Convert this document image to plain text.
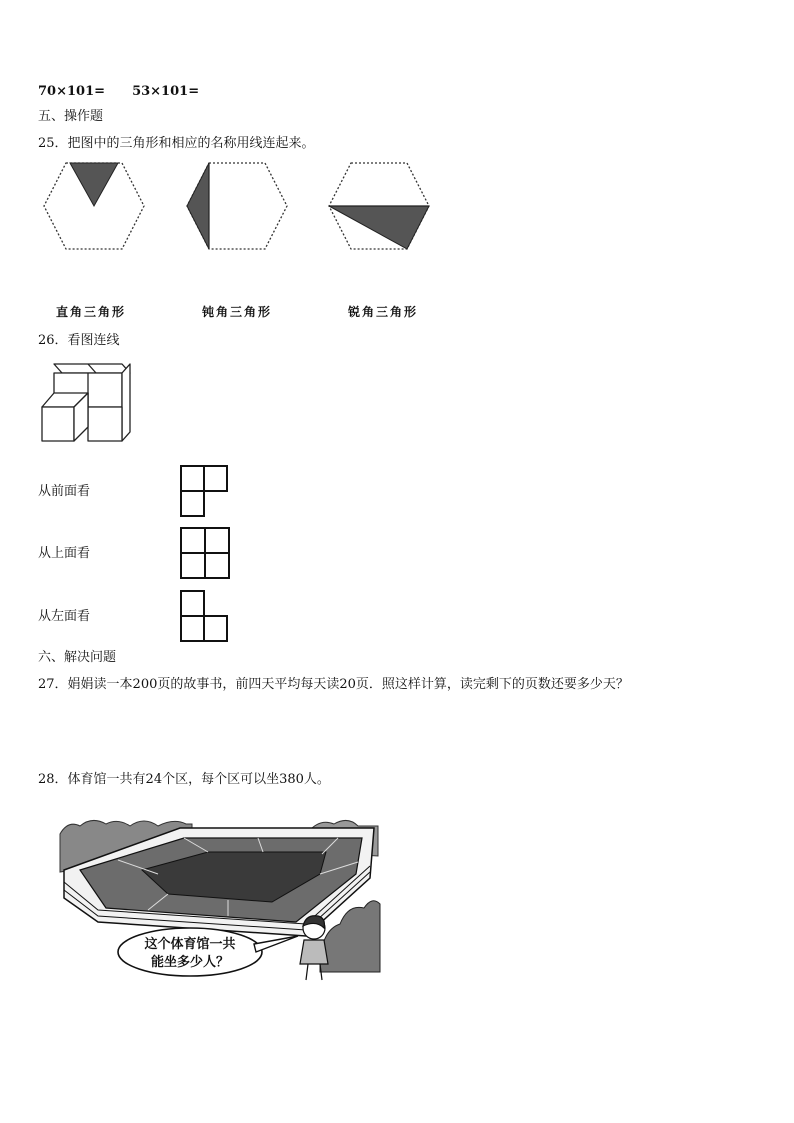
70×101= 53×101=
五、操作题
25．把图中的三角形和相应的名称用线连起来。
直角三角形	钝角三角形	锐角三角形
26．看图连线
从前面看
从上面看
从左面看
六、解决问题
27．娟娟读一本200页的故事书，前四天平均每天读20页．照这样计算，读完剩下的页数还要多少天？
28．体育馆一共有24个区，每个区可以坐380人。
这个体育馆一共
能坐多少人？
